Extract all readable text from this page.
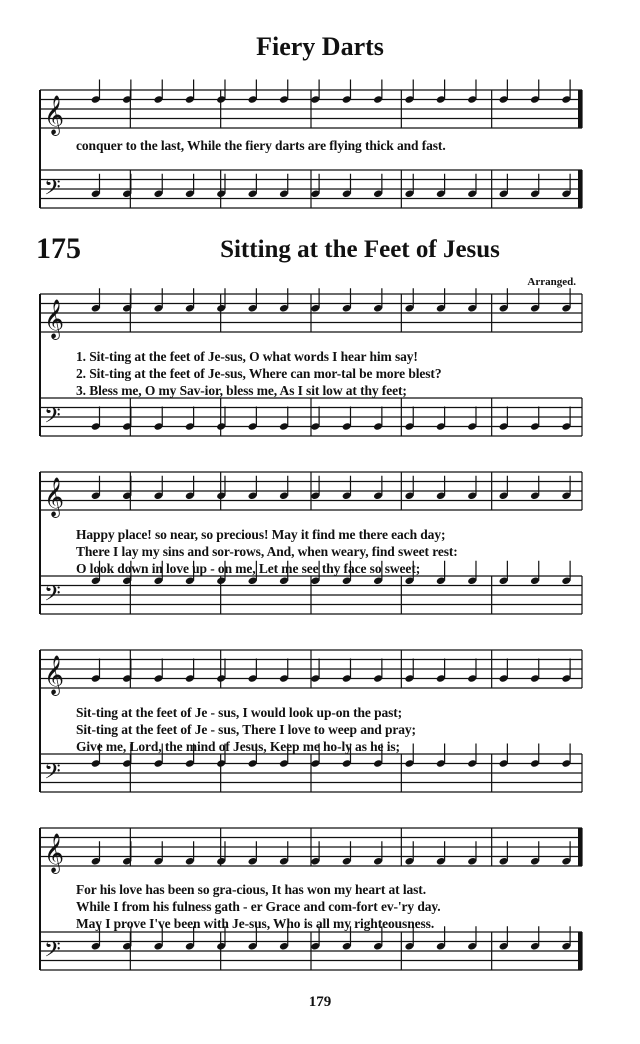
𝄞
𝄢
𝄞
𝄢
𝄞
𝄢
𝄞
𝄢
𝄞
𝄢
Fiery Darts
conquer to the last, While the fiery darts are flying thick and fast.
175	Sitting at the Feet of Jesus
Arranged.
1. Sit-ting at the feet of Je-sus, O what words I hear him say!
2. Sit-ting at the feet of Je-sus, Where can mor-tal be more blest?
3. Bless me, O my Sav-ior, bless me, As I sit low at thy feet;
Happy place! so near, so precious! May it find me there each day;
There I lay my sins and sor-rows, And, when weary, find sweet rest:
O look down in love up - on me, Let me see thy face so sweet;
Sit-ting at the feet of Je - sus, I would look up-on the past;
Sit-ting at the feet of Je - sus, There I love to weep and pray;
Give me, Lord, the mind of Jesus, Keep me ho-ly as he is;
For his love has been so gra-cious, It has won my heart at last.
While I from his fulness gath - er Grace and com-fort ev-'ry day.
May I prove I've been with Je-sus, Who is all my righteousness.
179
